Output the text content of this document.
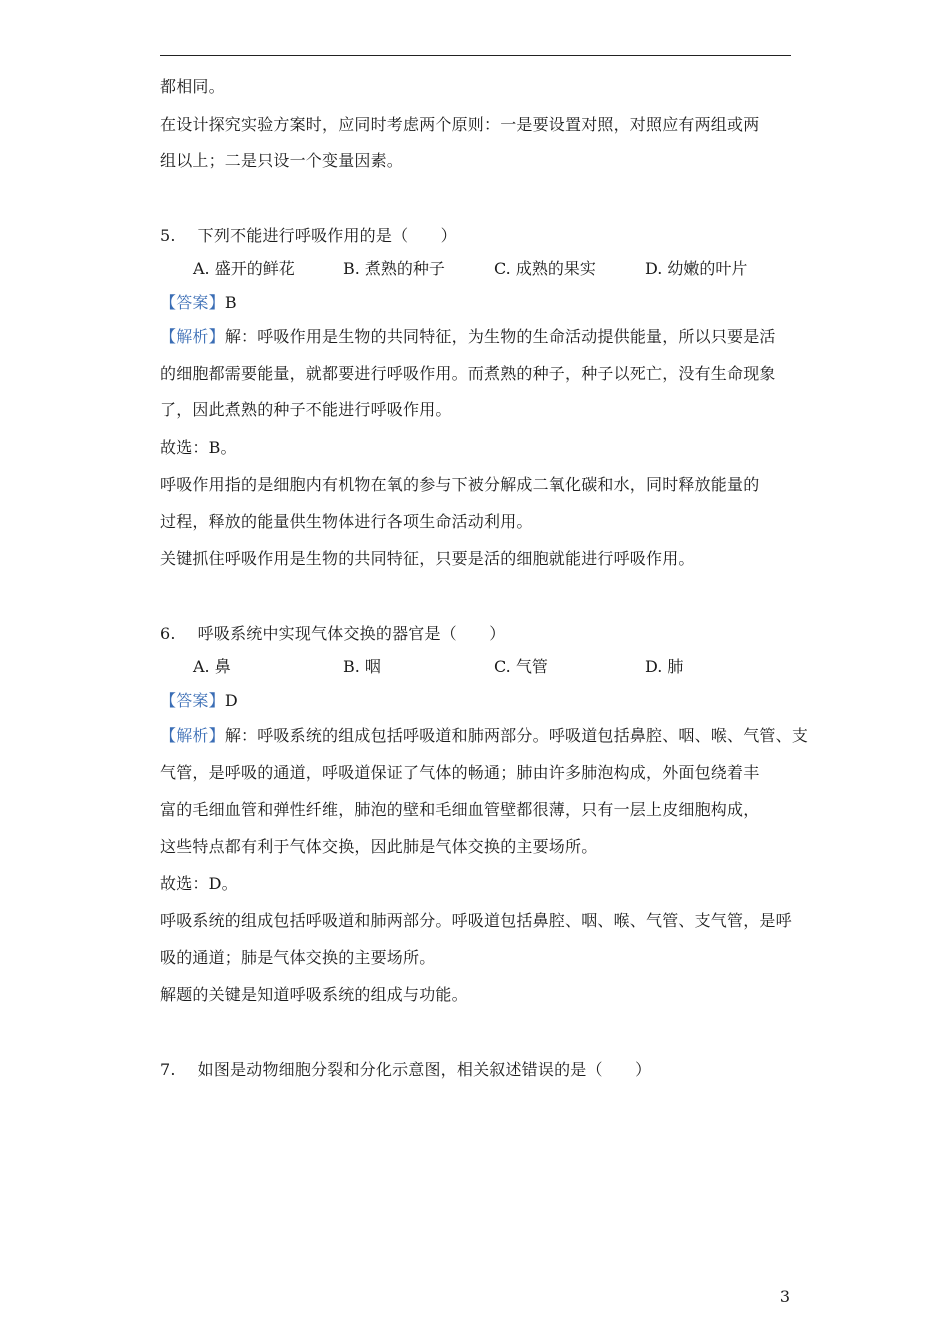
都相同。
在设计探究实验方案时，应同时考虑两个原则：一是要设置对照，对照应有两组或两
组以上；二是只设一个变量因素。
5. 下列不能进行呼吸作用的是（　　）
A. 盛开的鲜花	B. 煮熟的种子	C. 成熟的果实	D. 幼嫩的叶片
【答案】B
【解析】解：呼吸作用是生物的共同特征，为生物的生命活动提供能量，所以只要是活
的细胞都需要能量，就都要进行呼吸作用。而煮熟的种子，种子以死亡，没有生命现象
了，因此煮熟的种子不能进行呼吸作用。
故选：B。
呼吸作用指的是细胞内有机物在氧的参与下被分解成二氧化碳和水，同时释放能量的
过程，释放的能量供生物体进行各项生命活动利用。
关键抓住呼吸作用是生物的共同特征，只要是活的细胞就能进行呼吸作用。
6. 呼吸系统中实现气体交换的器官是（　　）
A. 鼻	B. 咽	C. 气管	D. 肺
【答案】D
【解析】解：呼吸系统的组成包括呼吸道和肺两部分。呼吸道包括鼻腔、咽、喉、气管、支
气管，是呼吸的通道，呼吸道保证了气体的畅通；肺由许多肺泡构成，外面包绕着丰
富的毛细血管和弹性纤维，肺泡的壁和毛细血管壁都很薄，只有一层上皮细胞构成，
这些特点都有利于气体交换，因此肺是气体交换的主要场所。
故选：D。
呼吸系统的组成包括呼吸道和肺两部分。呼吸道包括鼻腔、咽、喉、气管、支气管，是呼
吸的通道；肺是气体交换的主要场所。
解题的关键是知道呼吸系统的组成与功能。
7. 如图是动物细胞分裂和分化示意图，相关叙述错误的是（　　）
3
